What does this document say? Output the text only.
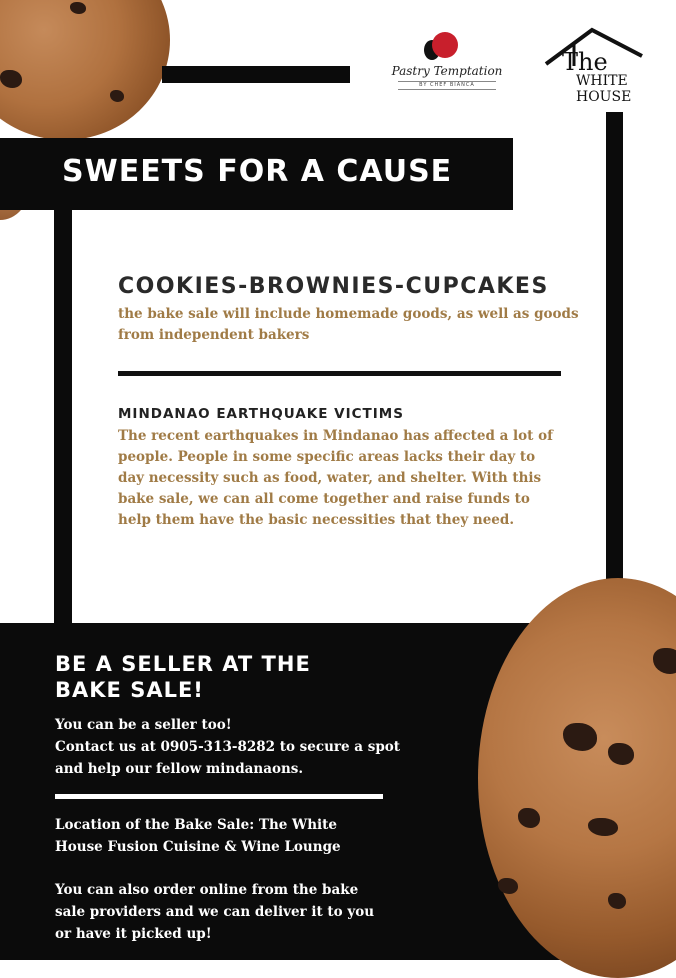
Pastry Temptation
BY CHEF BIANCA
The
WHITE
HOUSE
SWEETS FOR A CAUSE
COOKIES-BROWNIES-CUPCAKES
the bake sale will include homemade goods, as well as goods
from independent bakers
MINDANAO EARTHQUAKE VICTIMS
The recent earthquakes in Mindanao has affected a lot of
people. People in some specific areas lacks their day to
day necessity such as food, water, and shelter. With this
bake sale, we can all come together and raise funds to
help them have the basic necessities that they need.
BE A SELLER AT THE
BAKE SALE!
You can be a seller too!
Contact us at 0905-313-8282 to secure a spot
and help our fellow mindanaons.
Location of the Bake Sale: The White
House Fusion Cuisine & Wine Lounge
You can also order online from the bake
sale providers and we can deliver it to you
or have it picked up!
